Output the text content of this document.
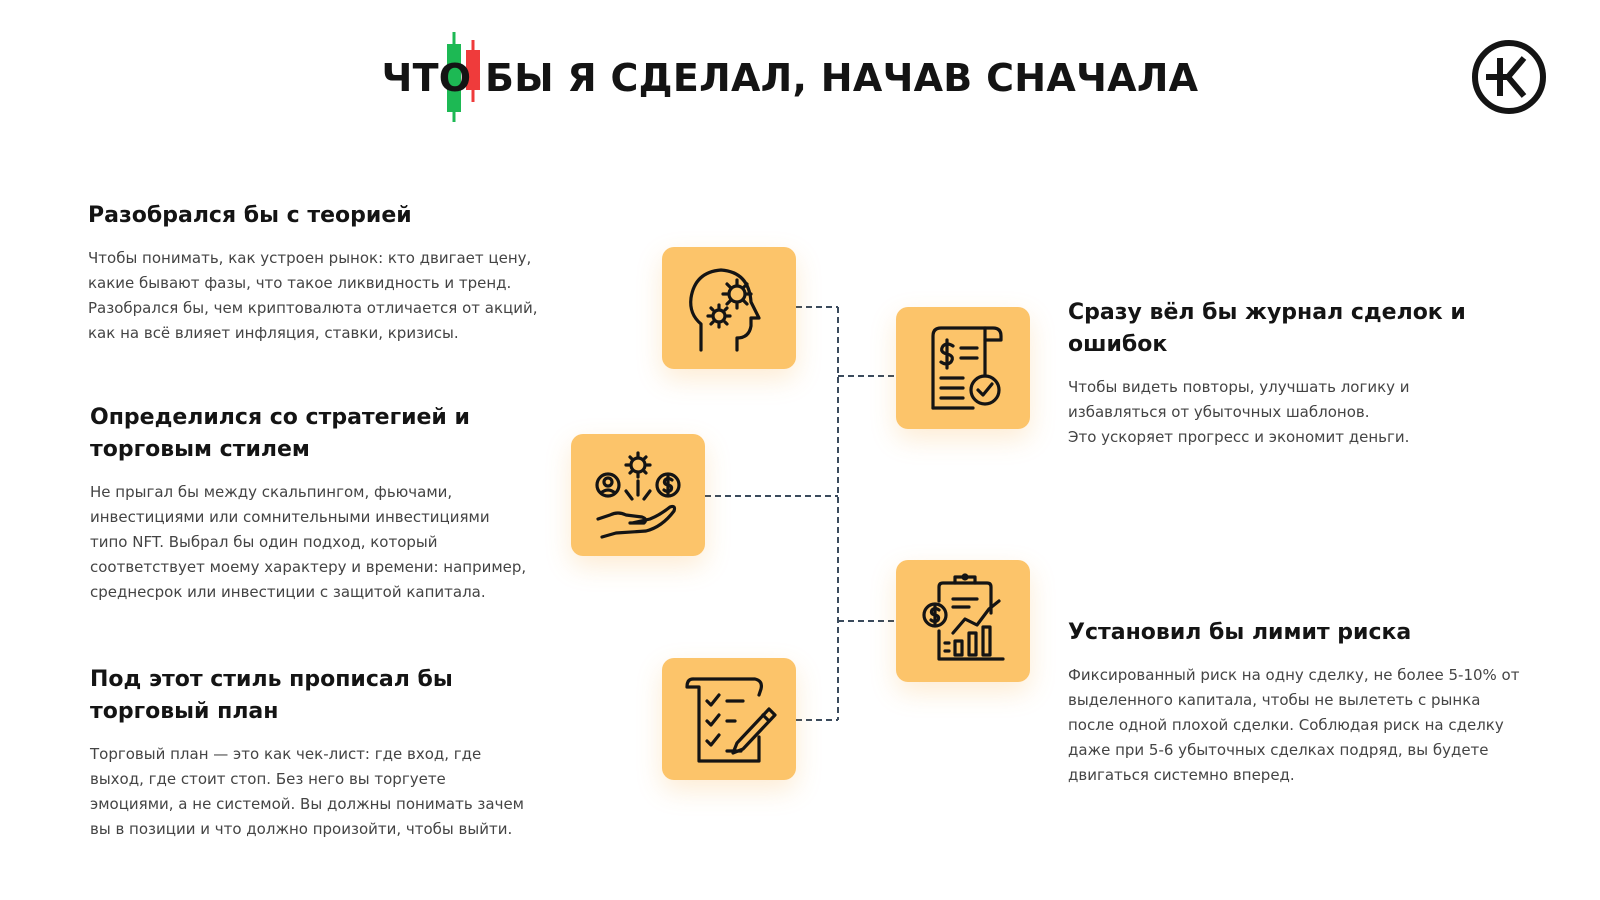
ЧТО БЫ Я СДЕЛАЛ, НАЧАВ СНАЧАЛА
Разобрался бы с теорией

Чтобы понимать, как устроен рынок: кто двигает цену, какие бывают фазы, что такое ликвидность и тренд. Разобрался бы, чем криптовалюта отличается от акций, как на всё влияет инфляция, ставки, кризисы.

Определился со стратегией и торговым стилем

Не прыгал бы между скальпингом, фьючами, инвестициями или сомнительными инвестициями типо NFT. Выбрал бы один подход, который соответствует моему характеру и времени: например, среднесрок или инвестиции с защитой капитала.

Под этот стиль прописал бы торговый план

Торговый план — это как чек-лист: где вход, где выход, где стоит стоп. Без него вы торгуете эмоциями, а не системой. Вы должны понимать зачем вы в позиции и что должно произойти, чтобы выйти.

Сразу вёл бы журнал сделок и ошибок

Чтобы видеть повторы, улучшать логику и избавляться от убыточных шаблонов.
Это ускоряет прогресс и экономит деньги.

Установил бы лимит риска

Фиксированный риск на одну сделку, не более 5-10% от выделенного капитала, чтобы не вылететь с рынка после одной плохой сделки. Соблюдая риск на сделку даже при 5-6 убыточных сделках подряд, вы будете двигаться системно вперед.
